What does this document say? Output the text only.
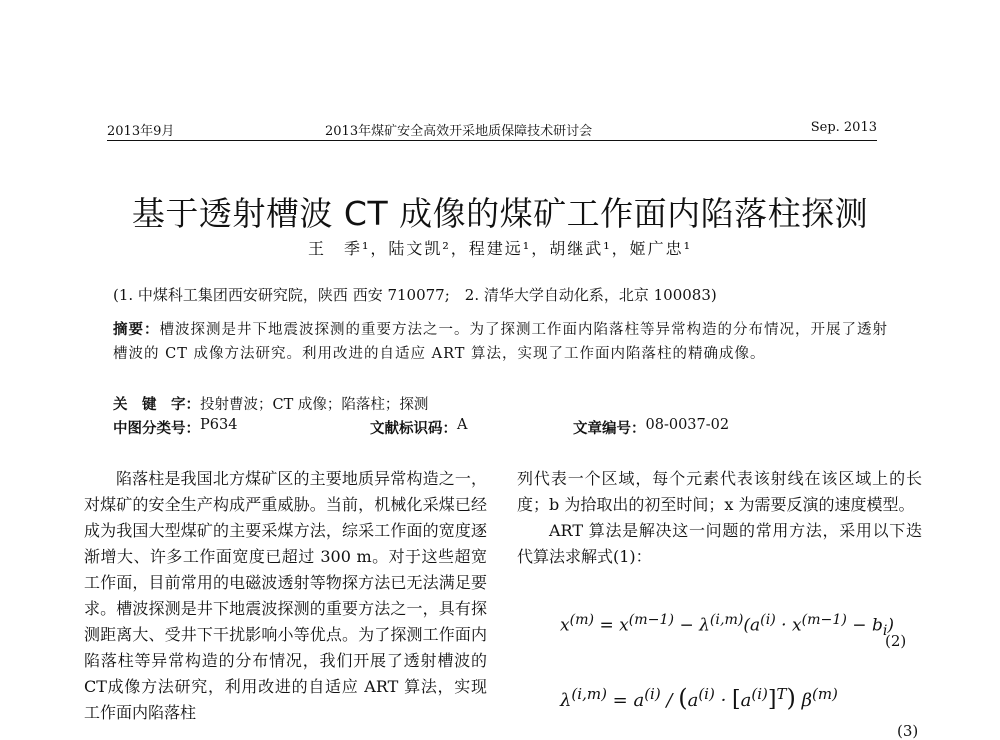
2013年9月	2013年煤矿安全高效开采地质保障技术研讨会	Sep. 2013
基于透射槽波 CT 成像的煤矿工作面内陷落柱探测
王　季¹，陆文凯²，程建远¹，胡继武¹，姬广忠¹
(1. 中煤科工集团西安研究院，陕西 西安 710077;　2. 清华大学自动化系，北京 100083)
摘要：槽波探测是井下地震波探测的重要方法之一。为了探测工作面内陷落柱等异常构造的分布情况，开展了透射槽波的 CT 成像方法研究。利用改进的自适应 ART 算法，实现了工作面内陷落柱的精确成像。
关　键　字：投射曹波；CT 成像；陷落柱；探测
中图分类号： P634	文献标识码： A	文章编号： 08-0037-02

陷落柱是我国北方煤矿区的主要地质异常构造之一，对煤矿的安全生产构成严重威胁。当前，机械化采煤已经成为我国大型煤矿的主要采煤方法，综采工作面的宽度逐渐增大、许多工作面宽度已超过 300 m。对于这些超宽工作面，目前常用的电磁波透射等物探方法已无法满足要求。槽波探测是井下地震波探测的重要方法之一，具有探测距离大、受井下干扰影响小等优点。为了探测工作面内陷落柱等异常构造的分布情况，我们开展了透射槽波的CT成像方法研究，利用改进的自适应 ART 算法，实现工作面内陷落柱

列代表一个区域，每个元素代表该射线在该区域上的长度；b 为拾取出的初至时间；x 为需要反演的速度模型。

ART 算法是解决这一问题的常用方法，采用以下迭代算法求解式(1)：

$x^{(m)} = x^{(m-1)} - \lambda^{(i,m)}(a^{(i)} \cdot x^{(m-1)} - b_i)$
(2)
$\lambda^{(i,m)} = a^{(i)} / (a^{(i)} \cdot [a^{(i)}]^T)$ $\beta^{(m)}$
(3)
